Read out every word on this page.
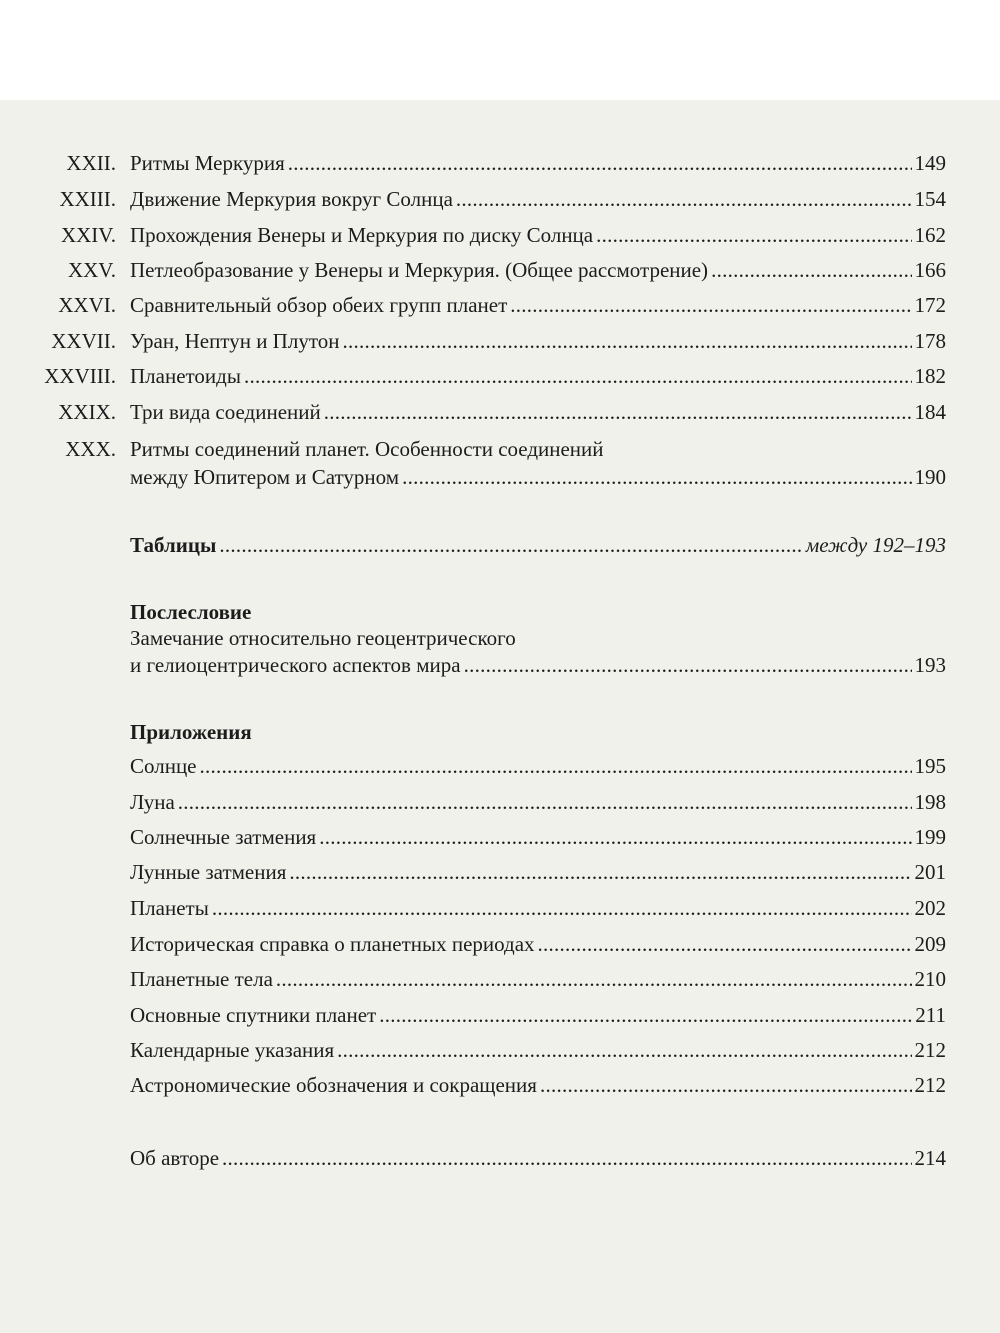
XXII. Ритмы Меркурия . . .	149
XXIII. Движение Меркурия вокруг Солнца . . .	154
XXIV. Прохождения Венеры и Меркурия по диску Солнца . . .	162
XXV. Петлеобразование у Венеры и Меркурия. (Общее рассмотрение) . . .	166
XXVI. Сравнительный обзор обеих групп планет . . .	172
XXVII. Уран, Нептун и Плутон . . .	178
XXVIII. Планетоиды . . .	182
XXIX. Три вида соединений . . .	184
XXX. Ритмы соединений планет. Особенности соединений
между Юпитером и Сатурном . . .	190
Таблицы . . .	между 192–193
Послесловие
Замечание относительно геоцентрического
и гелиоцентрического аспектов мира . . .	193
Приложения
Солнце . . .	195
Луна . . .	198
Солнечные затмения . . .	199
Лунные затмения . . .	201
Планеты . . .	202
Историческая справка о планетных периодах . . .	209
Планетные тела . . .	210
Основные спутники планет . . .	211
Календарные указания . . .	212
Астрономические обозначения и сокращения . . .	212
Об авторе . . .	214
